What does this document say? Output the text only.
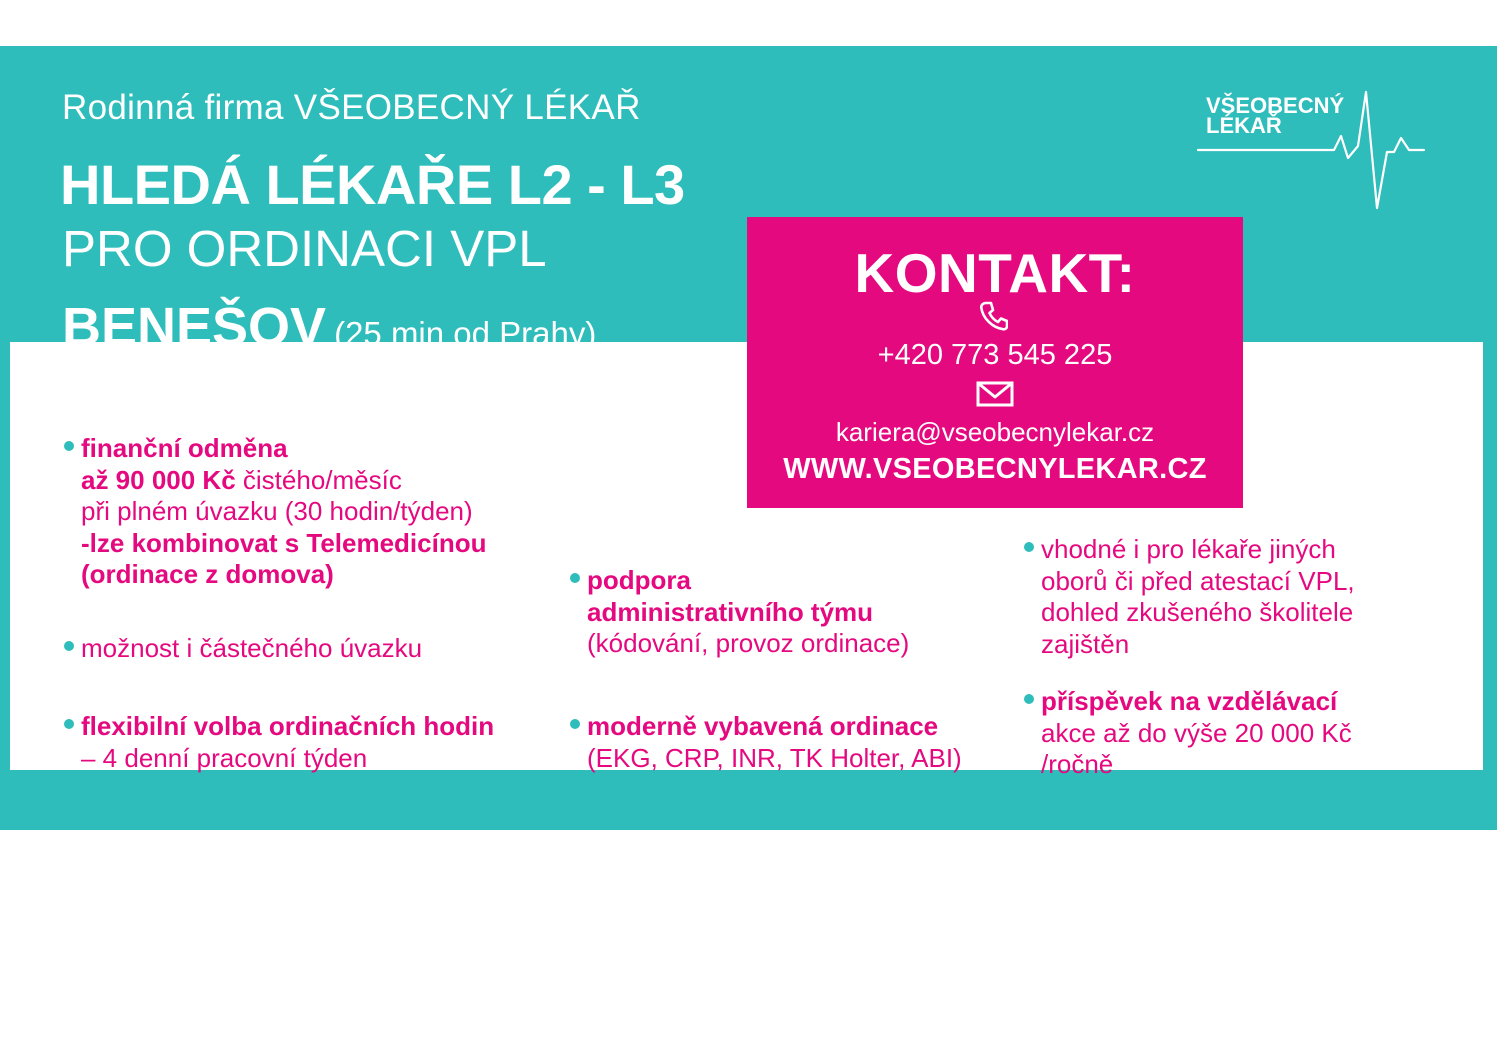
Rodinná firma VŠEOBECNÝ LÉKAŘ
HLEDÁ LÉKAŘE L2 - L3
PRO ORDINACI VPL
BENEŠOV (25 min od Prahy)
VŠEOBECNÝ
LÉKAŘ
KONTAKT:
+420 773 545 225
kariera@vseobecnylekar.cz
WWW.VSEOBECNYLEKAR.CZ
finanční odměna
až 90 000 Kč čistého/měsíc
při plném úvazku (30 hodin/týden)
-lze kombinovat s Telemedicínou
(ordinace z domova)
možnost i částečného úvazku
flexibilní volba ordinačních hodin
– 4 denní pracovní týden
podpora
administrativního týmu
(kódování, provoz ordinace)
moderně vybavená ordinace
(EKG, CRP, INR, TK Holter, ABI)
vhodné i pro lékaře jiných
oborů či před atestací VPL,
dohled zkušeného školitele
zajištěn
příspěvek na vzdělávací
akce až do výše 20 000 Kč
/ročně
